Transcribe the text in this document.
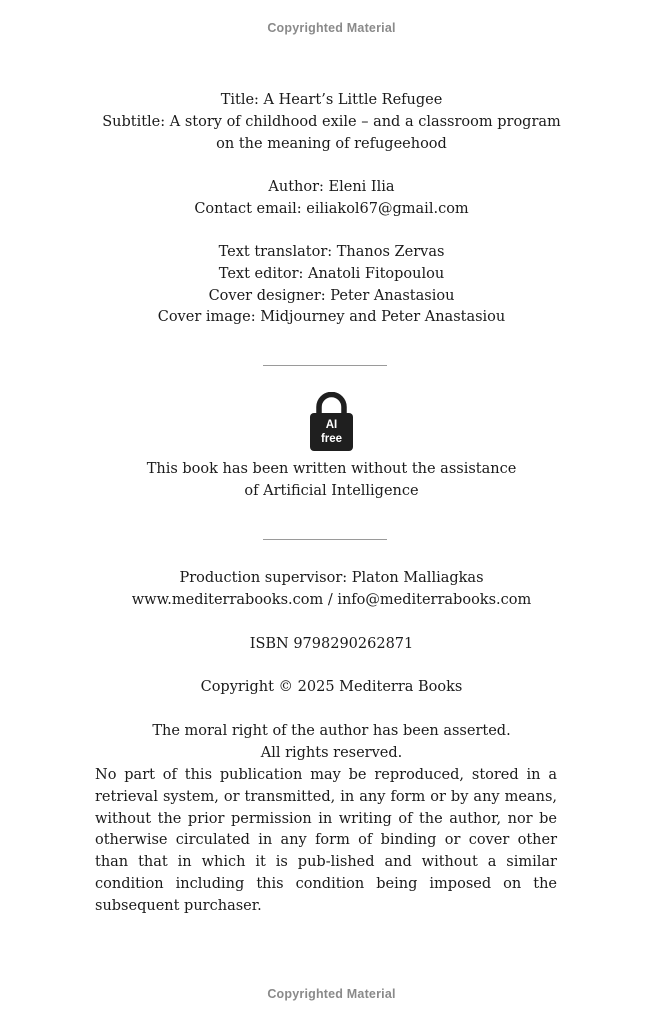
Copyrighted Material
Title: A Heart’s Little Refugee
Subtitle: A story of childhood exile – and a classroom program
on the meaning of refugeehood
Author: Eleni Ilia
Contact email: eiliakol67@gmail.com
Text translator: Thanos Zervas
Text editor: Anatoli Fitopoulou
Cover designer: Peter Anastasiou
Cover image: Midjourney and Peter Anastasiou
AI
free
This book has been written without the assistance
of Artificial Intelligence
Production supervisor: Platon Malliagkas
www.mediterrabooks.com / info@mediterrabooks.com
ISBN 9798290262871
Copyright © 2025 Mediterra Books
The moral right of the author has been asserted.
All rights reserved.
No part of this publication may be reproduced, stored in a retrieval system, or transmitted, in any form or by any means, without the prior permission in writing of the author, nor be otherwise circulated in any form of binding or cover other than that in which it is pub-lished and without a similar condition including this condition being imposed on the subsequent purchaser.
Copyrighted Material
